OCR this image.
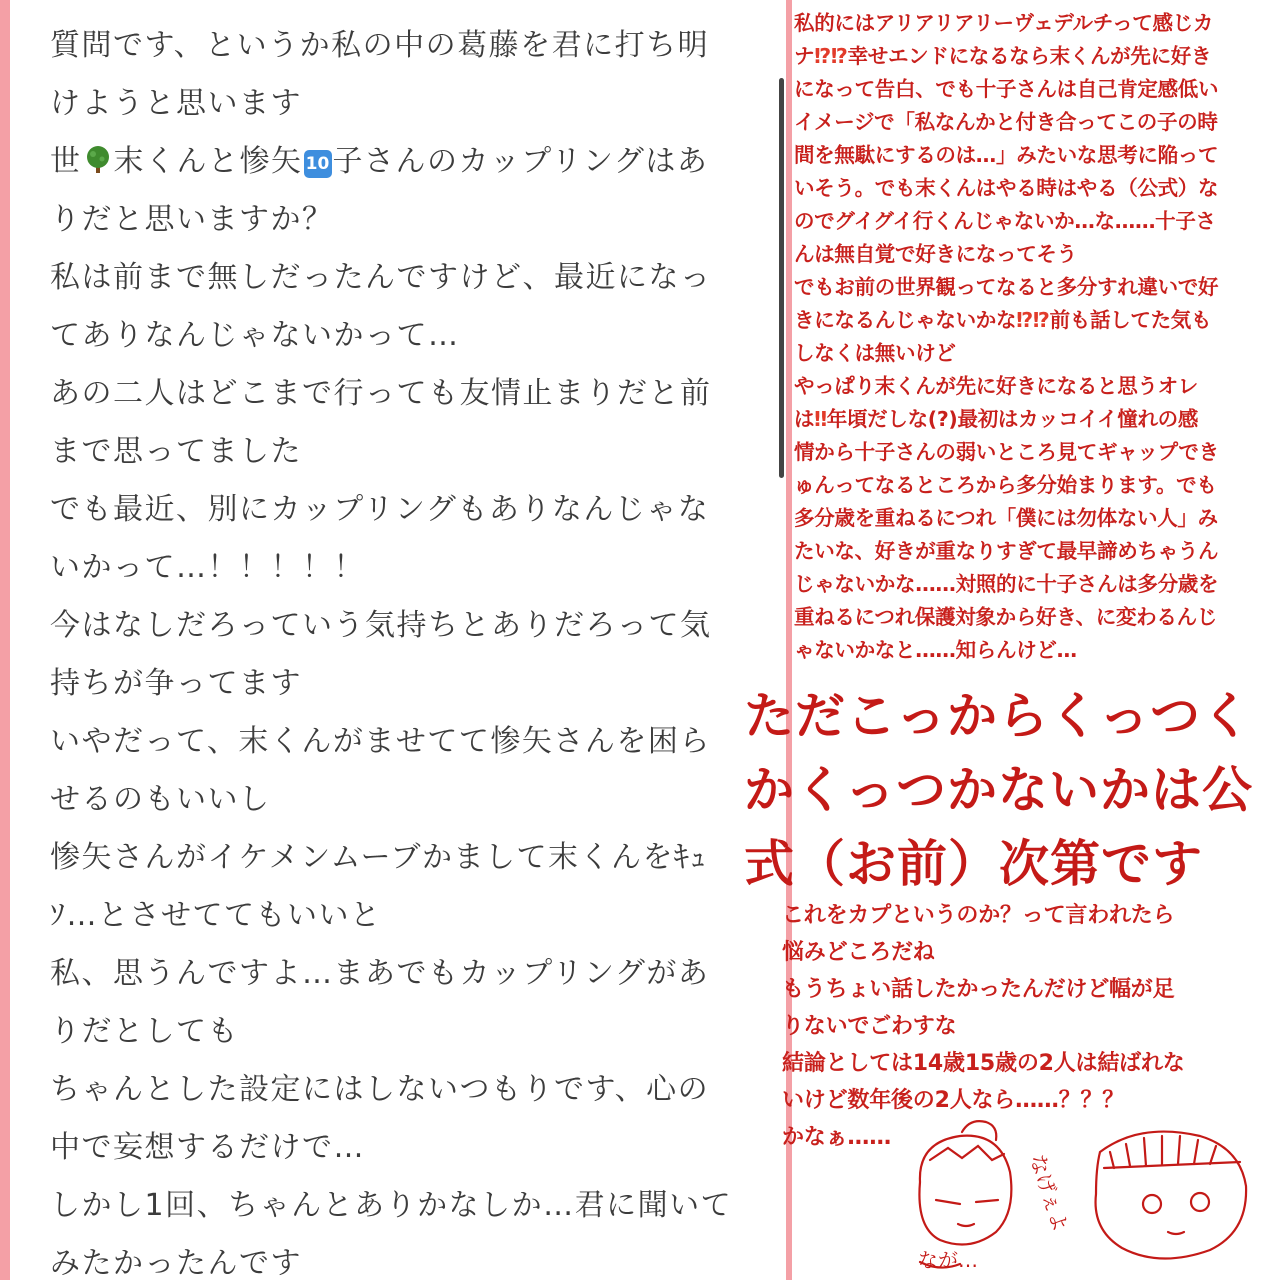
質問です、というか私の中の葛藤を君に打ち明
けようと思います
世 末くんと惨矢 10 子さんのカップリングはあ
りだと思いますか？
私は前まで無しだったんですけど、最近になっ
てありなんじゃないかって…
あの二人はどこまで行っても友情止まりだと前
まで思ってました
でも最近、別にカップリングもありなんじゃな
いかって…！！！！！
今はなしだろっていう気持ちとありだろって気
持ちが争ってます
いやだって、末くんがませてて惨矢さんを困ら
せるのもいいし
惨矢さんがイケメンムーブかまして末くんをｷｭ
ｿ…とさせててもいいと
私、思うんですよ…まあでもカップリングがあ
りだとしても
ちゃんとした設定にはしないつもりです、心の
中で妄想するだけで…
しかし1回、ちゃんとありかなしか…君に聞いて
みたかったんです
私的にはアリアリアリーヴェデルチって感じカ
ナ⁉⁉幸せエンドになるなら末くんが先に好き
になって告白、でも十子さんは自己肯定感低い
イメージで「私なんかと付き合ってこの子の時
間を無駄にするのは…」みたいな思考に陥って
いそう。でも末くんはやる時はやる（公式）な
のでグイグイ行くんじゃないか…な……十子さ
んは無自覚で好きになってそう
でもお前の世界観ってなると多分すれ違いで好
きになるんじゃないかな⁉⁉前も話してた気も
しなくは無いけど
やっぱり末くんが先に好きになると思うオレ
は‼年頃だしな(?)最初はカッコイイ憧れの感
情から十子さんの弱いところ見てギャップでき
ゅんってなるところから多分始まります。でも
多分歳を重ねるにつれ「僕には勿体ない人」み
たいな、好きが重なりすぎて最早諦めちゃうん
じゃないかな……対照的に十子さんは多分歳を
重ねるにつれ保護対象から好き、に変わるんじ
ゃないかなと……知らんけど…
ただこっからくっつく
かくっつかないかは公
式（お前）次第です
これをカプというのか？って言われたら
悩みどころだね
もうちょい話したかったんだけど幅が足
りないでごわすな
結論としては14歳15歳の2人は結ばれな
いけど数年後の2人なら……？？？
かなぁ……
なが…
なげぇよ
